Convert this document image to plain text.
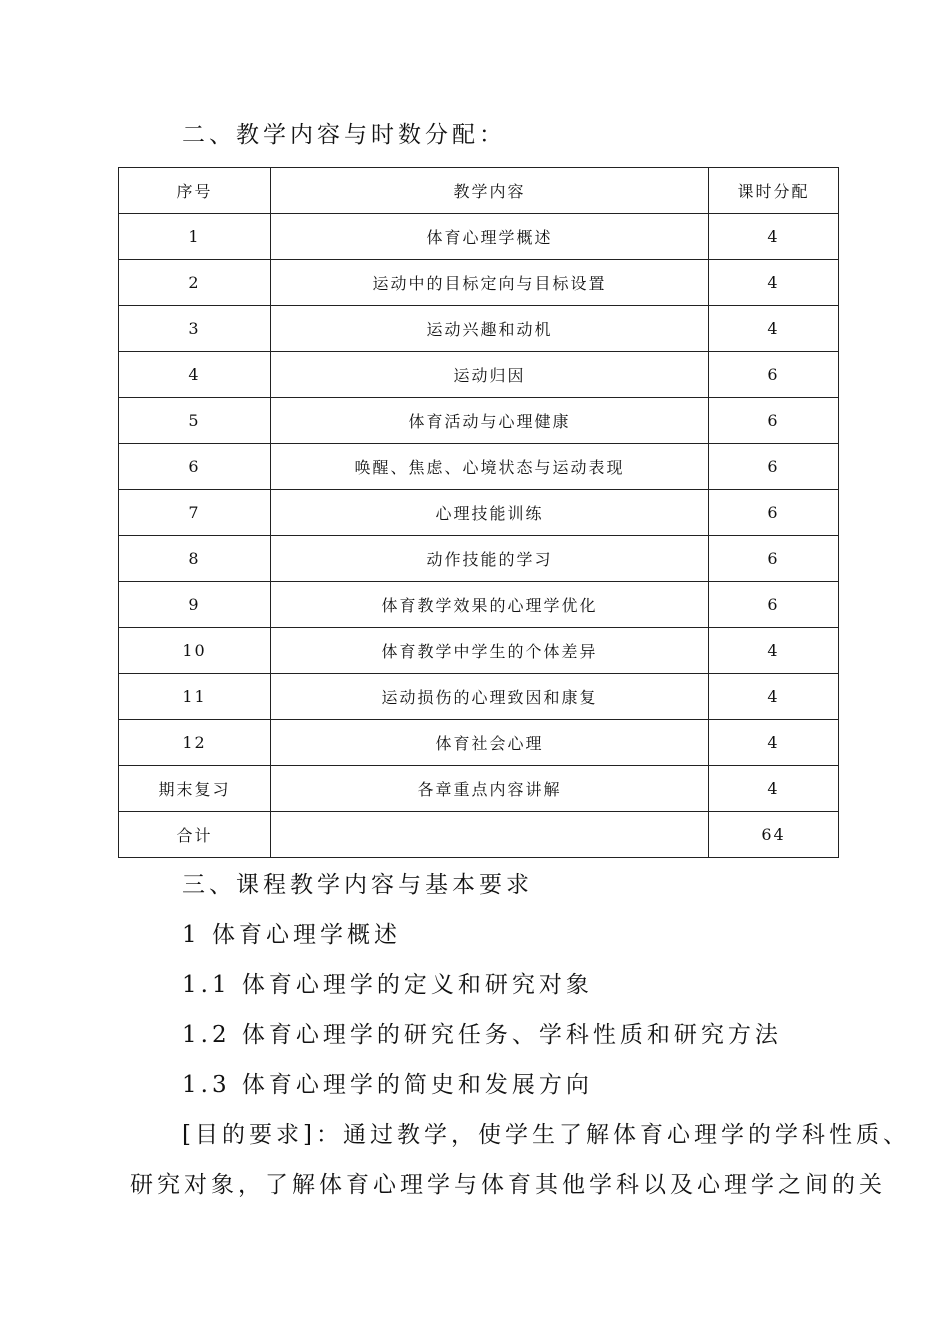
二、教学内容与时数分配：
序号	教学内容	课时分配
1	体育心理学概述	4
2	运动中的目标定向与目标设置	4
3	运动兴趣和动机	4
4	运动归因	6
5	体育活动与心理健康	6
6	唤醒、焦虑、心境状态与运动表现	6
7	心理技能训练	6
8	动作技能的学习	6
9	体育教学效果的心理学优化	6
10	体育教学中学生的个体差异	4
11	运动损伤的心理致因和康复	4
12	体育社会心理	4
期末复习	各章重点内容讲解	4
合计		64
三、课程教学内容与基本要求
1 体育心理学概述
1.1 体育心理学的定义和研究对象
1.2 体育心理学的研究任务、学科性质和研究方法
1.3 体育心理学的简史和发展方向
[目的要求]：通过教学，使学生了解体育心理学的学科性质、
研究对象，了解体育心理学与体育其他学科以及心理学之间的关
